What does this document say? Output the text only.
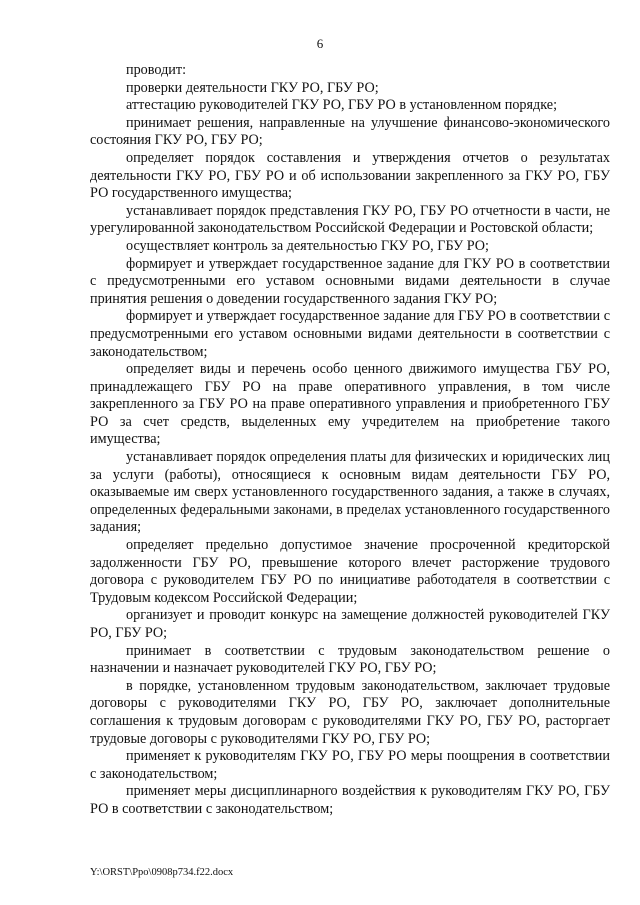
6

проводит:

проверки деятельности ГКУ РО, ГБУ РО;

аттестацию руководителей ГКУ РО, ГБУ РО в установленном порядке;

принимает решения, направленные на улучшение финансово-экономического состояния ГКУ РО, ГБУ РО;

определяет порядок составления и утверждения отчетов о результатах деятельности ГКУ РО, ГБУ РО и об использовании закрепленного за ГКУ РО, ГБУ РО государственного имущества;

устанавливает порядок представления ГКУ РО, ГБУ РО отчетности в части, не урегулированной законодательством Российской Федерации и Ростовской области;

осуществляет контроль за деятельностью ГКУ РО, ГБУ РО;

формирует и утверждает государственное задание для ГКУ РО в соответствии с предусмотренными его уставом основными видами деятельности в случае принятия решения о доведении государственного задания ГКУ РО;

формирует и утверждает государственное задание для ГБУ РО в соответствии с предусмотренными его уставом основными видами деятельности в соответствии с законодательством;

определяет виды и перечень особо ценного движимого имущества ГБУ РО, принадлежащего ГБУ РО на праве оперативного управления, в том числе закрепленного за ГБУ РО на праве оперативного управления и приобретенного ГБУ РО за счет средств, выделенных ему учредителем на приобретение такого имущества;

устанавливает порядок определения платы для физических и юридических лиц за услуги (работы), относящиеся к основным видам деятельности ГБУ РО, оказываемые им сверх установленного государственного задания, а также в случаях, определенных федеральными законами, в пределах установленного государственного задания;

определяет предельно допустимое значение просроченной кредиторской задолженности ГБУ РО, превышение которого влечет расторжение трудового договора с руководителем ГБУ РО по инициативе работодателя в соответствии с Трудовым кодексом Российской Федерации;

организует и проводит конкурс на замещение должностей руководителей ГКУ РО, ГБУ РО;

принимает в соответствии с трудовым законодательством решение о назначении и назначает руководителей ГКУ РО, ГБУ РО;

в порядке, установленном трудовым законодательством, заключает трудовые договоры с руководителями ГКУ РО, ГБУ РО, заключает дополнительные соглашения к трудовым договорам с руководителями ГКУ РО, ГБУ РО, расторгает трудовые договоры с руководителями ГКУ РО, ГБУ РО;

применяет к руководителям ГКУ РО, ГБУ РО меры поощрения в соответствии с законодательством;

применяет меры дисциплинарного воздействия к руководителям ГКУ РО, ГБУ РО в соответствии с законодательством;

Y:\ORST\Ppo\0908p734.f22.docx
